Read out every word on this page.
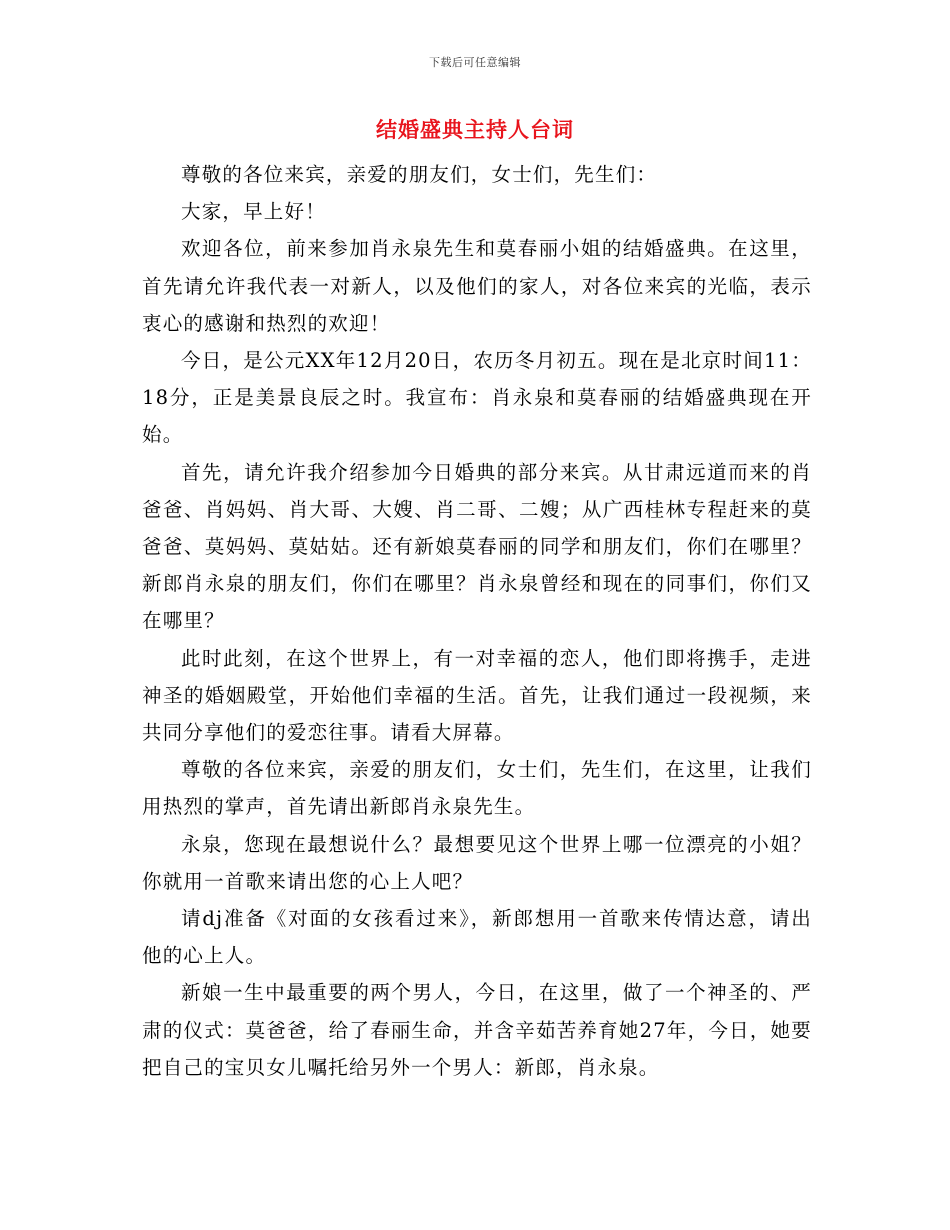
下载后可任意编辑
结婚盛典主持人台词

尊敬的各位来宾，亲爱的朋友们，女士们，先生们：

大家，早上好！

欢迎各位，前来参加肖永泉先生和莫春丽小姐的结婚盛典。在这里，首先请允许我代表一对新人，以及他们的家人，对各位来宾的光临，表示衷心的感谢和热烈的欢迎！

今日，是公元XX年12月20日，农历冬月初五。现在是北京时间11：18分，正是美景良辰之时。我宣布：肖永泉和莫春丽的结婚盛典现在开始。

首先，请允许我介绍参加今日婚典的部分来宾。从甘肃远道而来的肖爸爸、肖妈妈、肖大哥、大嫂、肖二哥、二嫂；从广西桂林专程赶来的莫爸爸、莫妈妈、莫姑姑。还有新娘莫春丽的同学和朋友们，你们在哪里？新郎肖永泉的朋友们，你们在哪里？肖永泉曾经和现在的同事们，你们又在哪里？

此时此刻，在这个世界上，有一对幸福的恋人，他们即将携手，走进神圣的婚姻殿堂，开始他们幸福的生活。首先，让我们通过一段视频，来共同分享他们的爱恋往事。请看大屏幕。

尊敬的各位来宾，亲爱的朋友们，女士们，先生们，在这里，让我们用热烈的掌声，首先请出新郎肖永泉先生。

永泉，您现在最想说什么？最想要见这个世界上哪一位漂亮的小姐？你就用一首歌来请出您的心上人吧？

请dj准备《对面的女孩看过来》，新郎想用一首歌来传情达意，请出他的心上人。

新娘一生中最重要的两个男人，今日，在这里，做了一个神圣的、严肃的仪式：莫爸爸，给了春丽生命，并含辛茹苦养育她27年，今日，她要把自己的宝贝女儿嘱托给另外一个男人：新郎，肖永泉。
